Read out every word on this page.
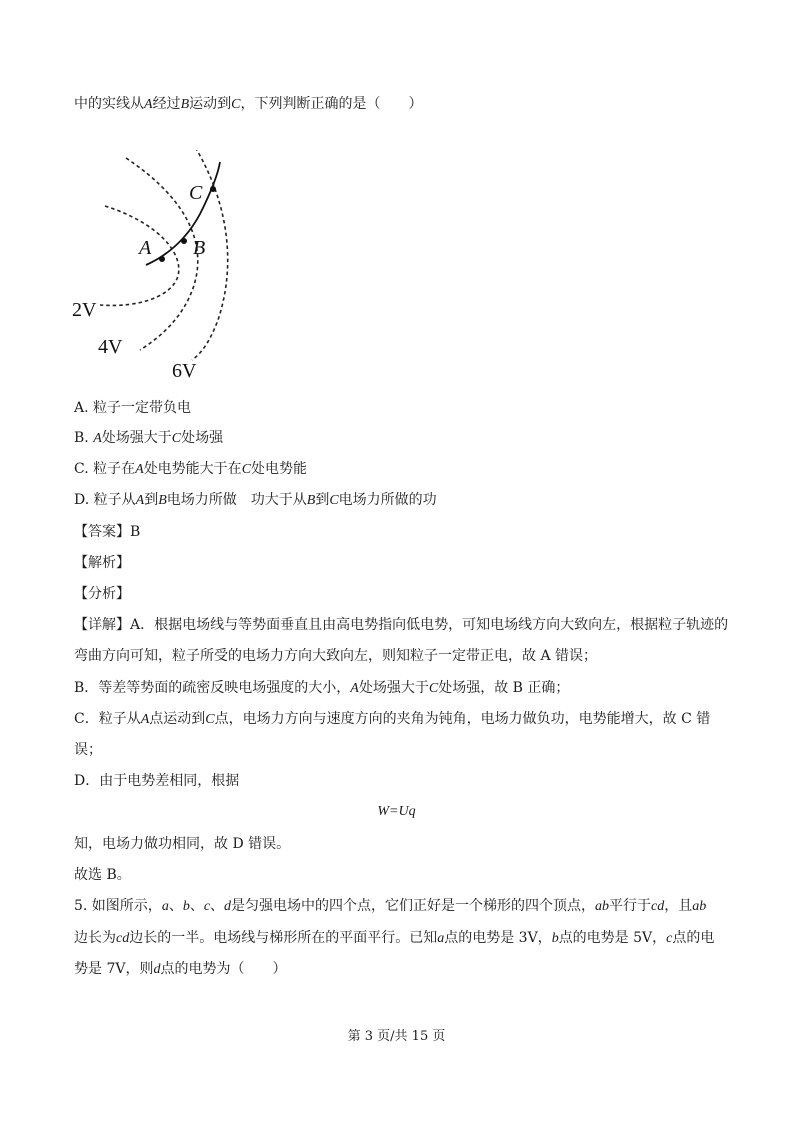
中的实线从A经过B运动到C，下列判断正确的是（　　）
A B
C
2V
4V
6V
A. 粒子一定带负电
B. A处场强大于C处场强
C. 粒子在A处电势能大于在C处电势能
D. 粒子从A到B电场力所做　功大于从B到C电场力所做的功
【答案】B
【解析】
【分析】
【详解】A．根据电场线与等势面垂直且由高电势指向低电势，可知电场线方向大致向左，根据粒子轨迹的
弯曲方向可知，粒子所受的电场力方向大致向左，则知粒子一定带正电，故 A 错误；
B．等差等势面的疏密反映电场强度的大小，A处场强大于C处场强，故 B 正确；
C．粒子从A点运动到C点，电场力方向与速度方向的夹角为钝角，电场力做负功，电势能增大，故 C 错
误；
D．由于电势差相同，根据
W=Uq
知，电场力做功相同，故 D 错误。
故选 B。
5. 如图所示，a、b、c、d是匀强电场中的四个点，它们正好是一个梯形的四个顶点，ab平行于cd，且ab
边长为cd边长的一半。电场线与梯形所在的平面平行。已知a点的电势是 3V，b点的电势是 5V，c点的电
势是 7V，则d点的电势为（　　）
第 3 页/共 15 页
